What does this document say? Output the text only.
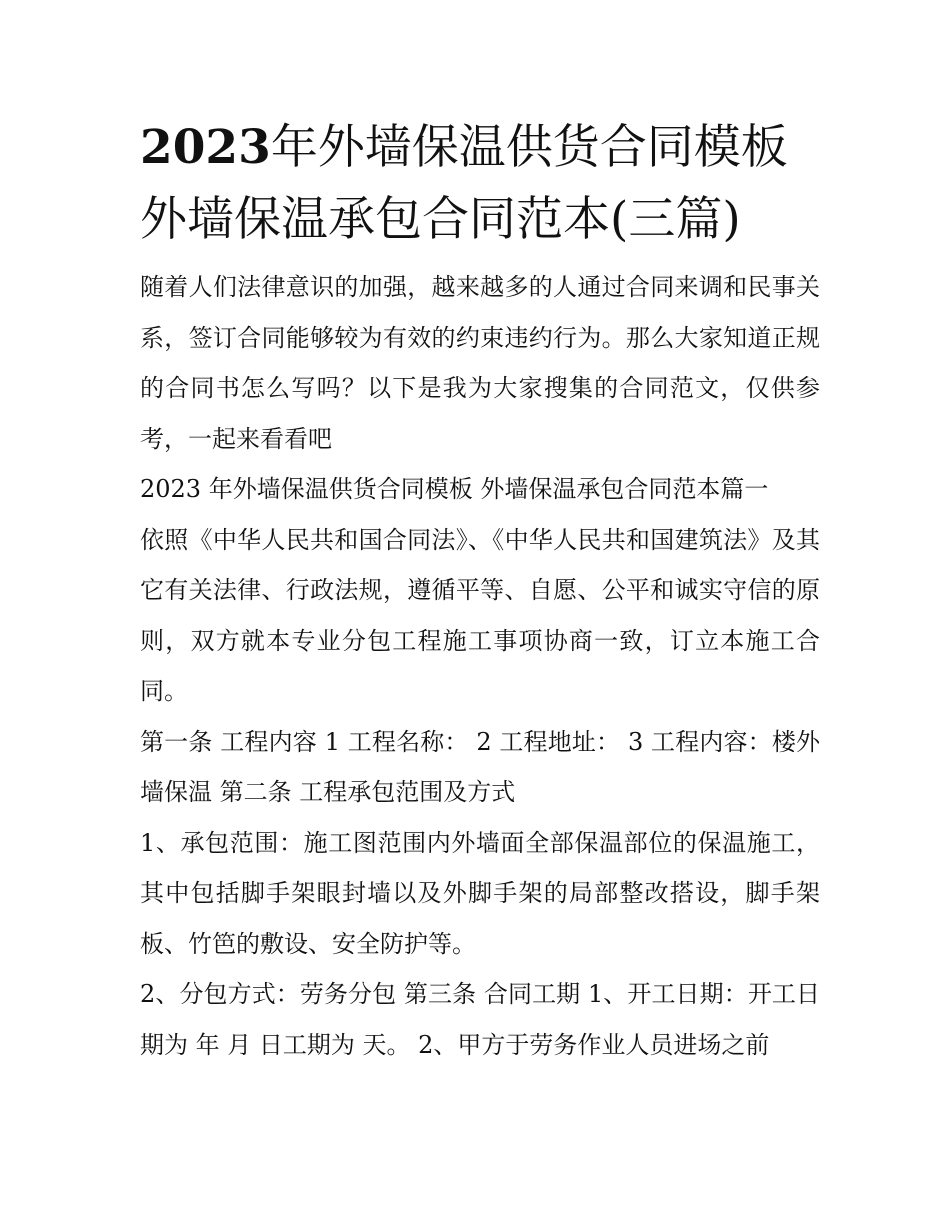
2023年外墙保温供货合同模板
外墙保温承包合同范本(三篇)

随着人们法律意识的加强，越来越多的人通过合同来调和民事关系，签订合同能够较为有效的约束违约行为。那么大家知道正规的合同书怎么写吗？以下是我为大家搜集的合同范文，仅供参考，一起来看看吧

2023 年外墙保温供货合同模板 外墙保温承包合同范本篇一

依照《中华人民共和国合同法》、《中华人民共和国建筑法》及其它有关法律、行政法规，遵循平等、自愿、公平和诚实守信的原则，双方就本专业分包工程施工事项协商一致，订立本施工合同。

第一条 工程内容 1 工程名称： 2 工程地址： 3 工程内容：楼外墙保温 第二条 工程承包范围及方式

1、承包范围：施工图范围内外墙面全部保温部位的保温施工，其中包括脚手架眼封墙以及外脚手架的局部整改搭设，脚手架板、竹笆的敷设、安全防护等。

2、分包方式：劳务分包 第三条 合同工期 1、开工日期：开工日期为 年 月 日工期为 天。 2、甲方于劳务作业人员进场之前
